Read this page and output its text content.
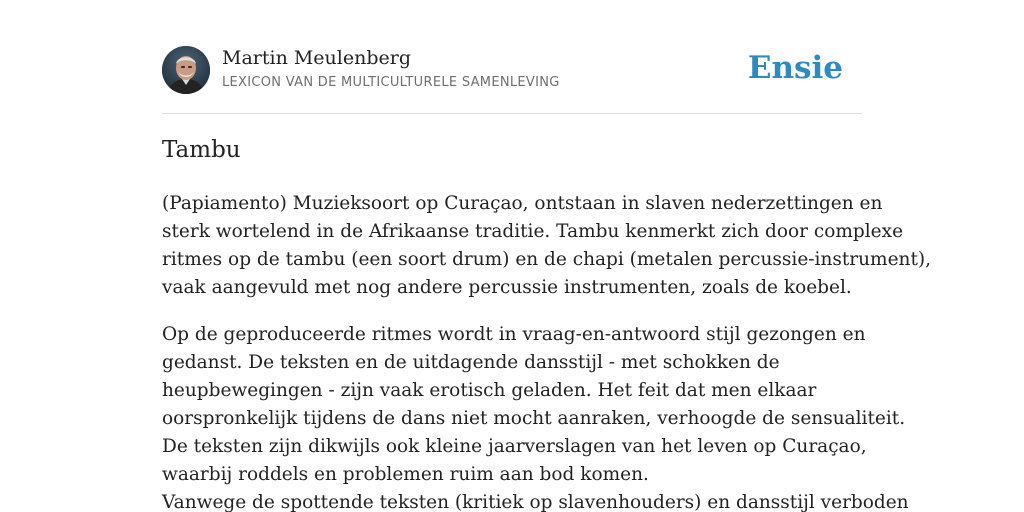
Martin Meulenberg
LEXICON VAN DE MULTICULTURELE SAMENLEVING	Ensie
Tambu

(Papiamento) Muzieksoort op Curaçao, ontstaan in slaven nederzettingen en
sterk wortelend in de Afrikaanse traditie. Tambu kenmerkt zich door complexe
ritmes op de tambu (een soort drum) en de chapi (metalen percussie-instrument),
vaak aangevuld met nog andere percussie instrumenten, zoals de koebel.

Op de geproduceerde ritmes wordt in vraag-en-antwoord stijl gezongen en
gedanst. De teksten en de uitdagende dansstijl - met schokken de
heupbewegingen - zijn vaak erotisch geladen. Het feit dat men elkaar
oorspronkelijk tijdens de dans niet mocht aanraken, verhoogde de sensualiteit.
De teksten zijn dikwijls ook kleine jaarverslagen van het leven op Curaçao,
waarbij roddels en problemen ruim aan bod komen.
Vanwege de spottende teksten (kritiek op slavenhouders) en dansstijl verboden
